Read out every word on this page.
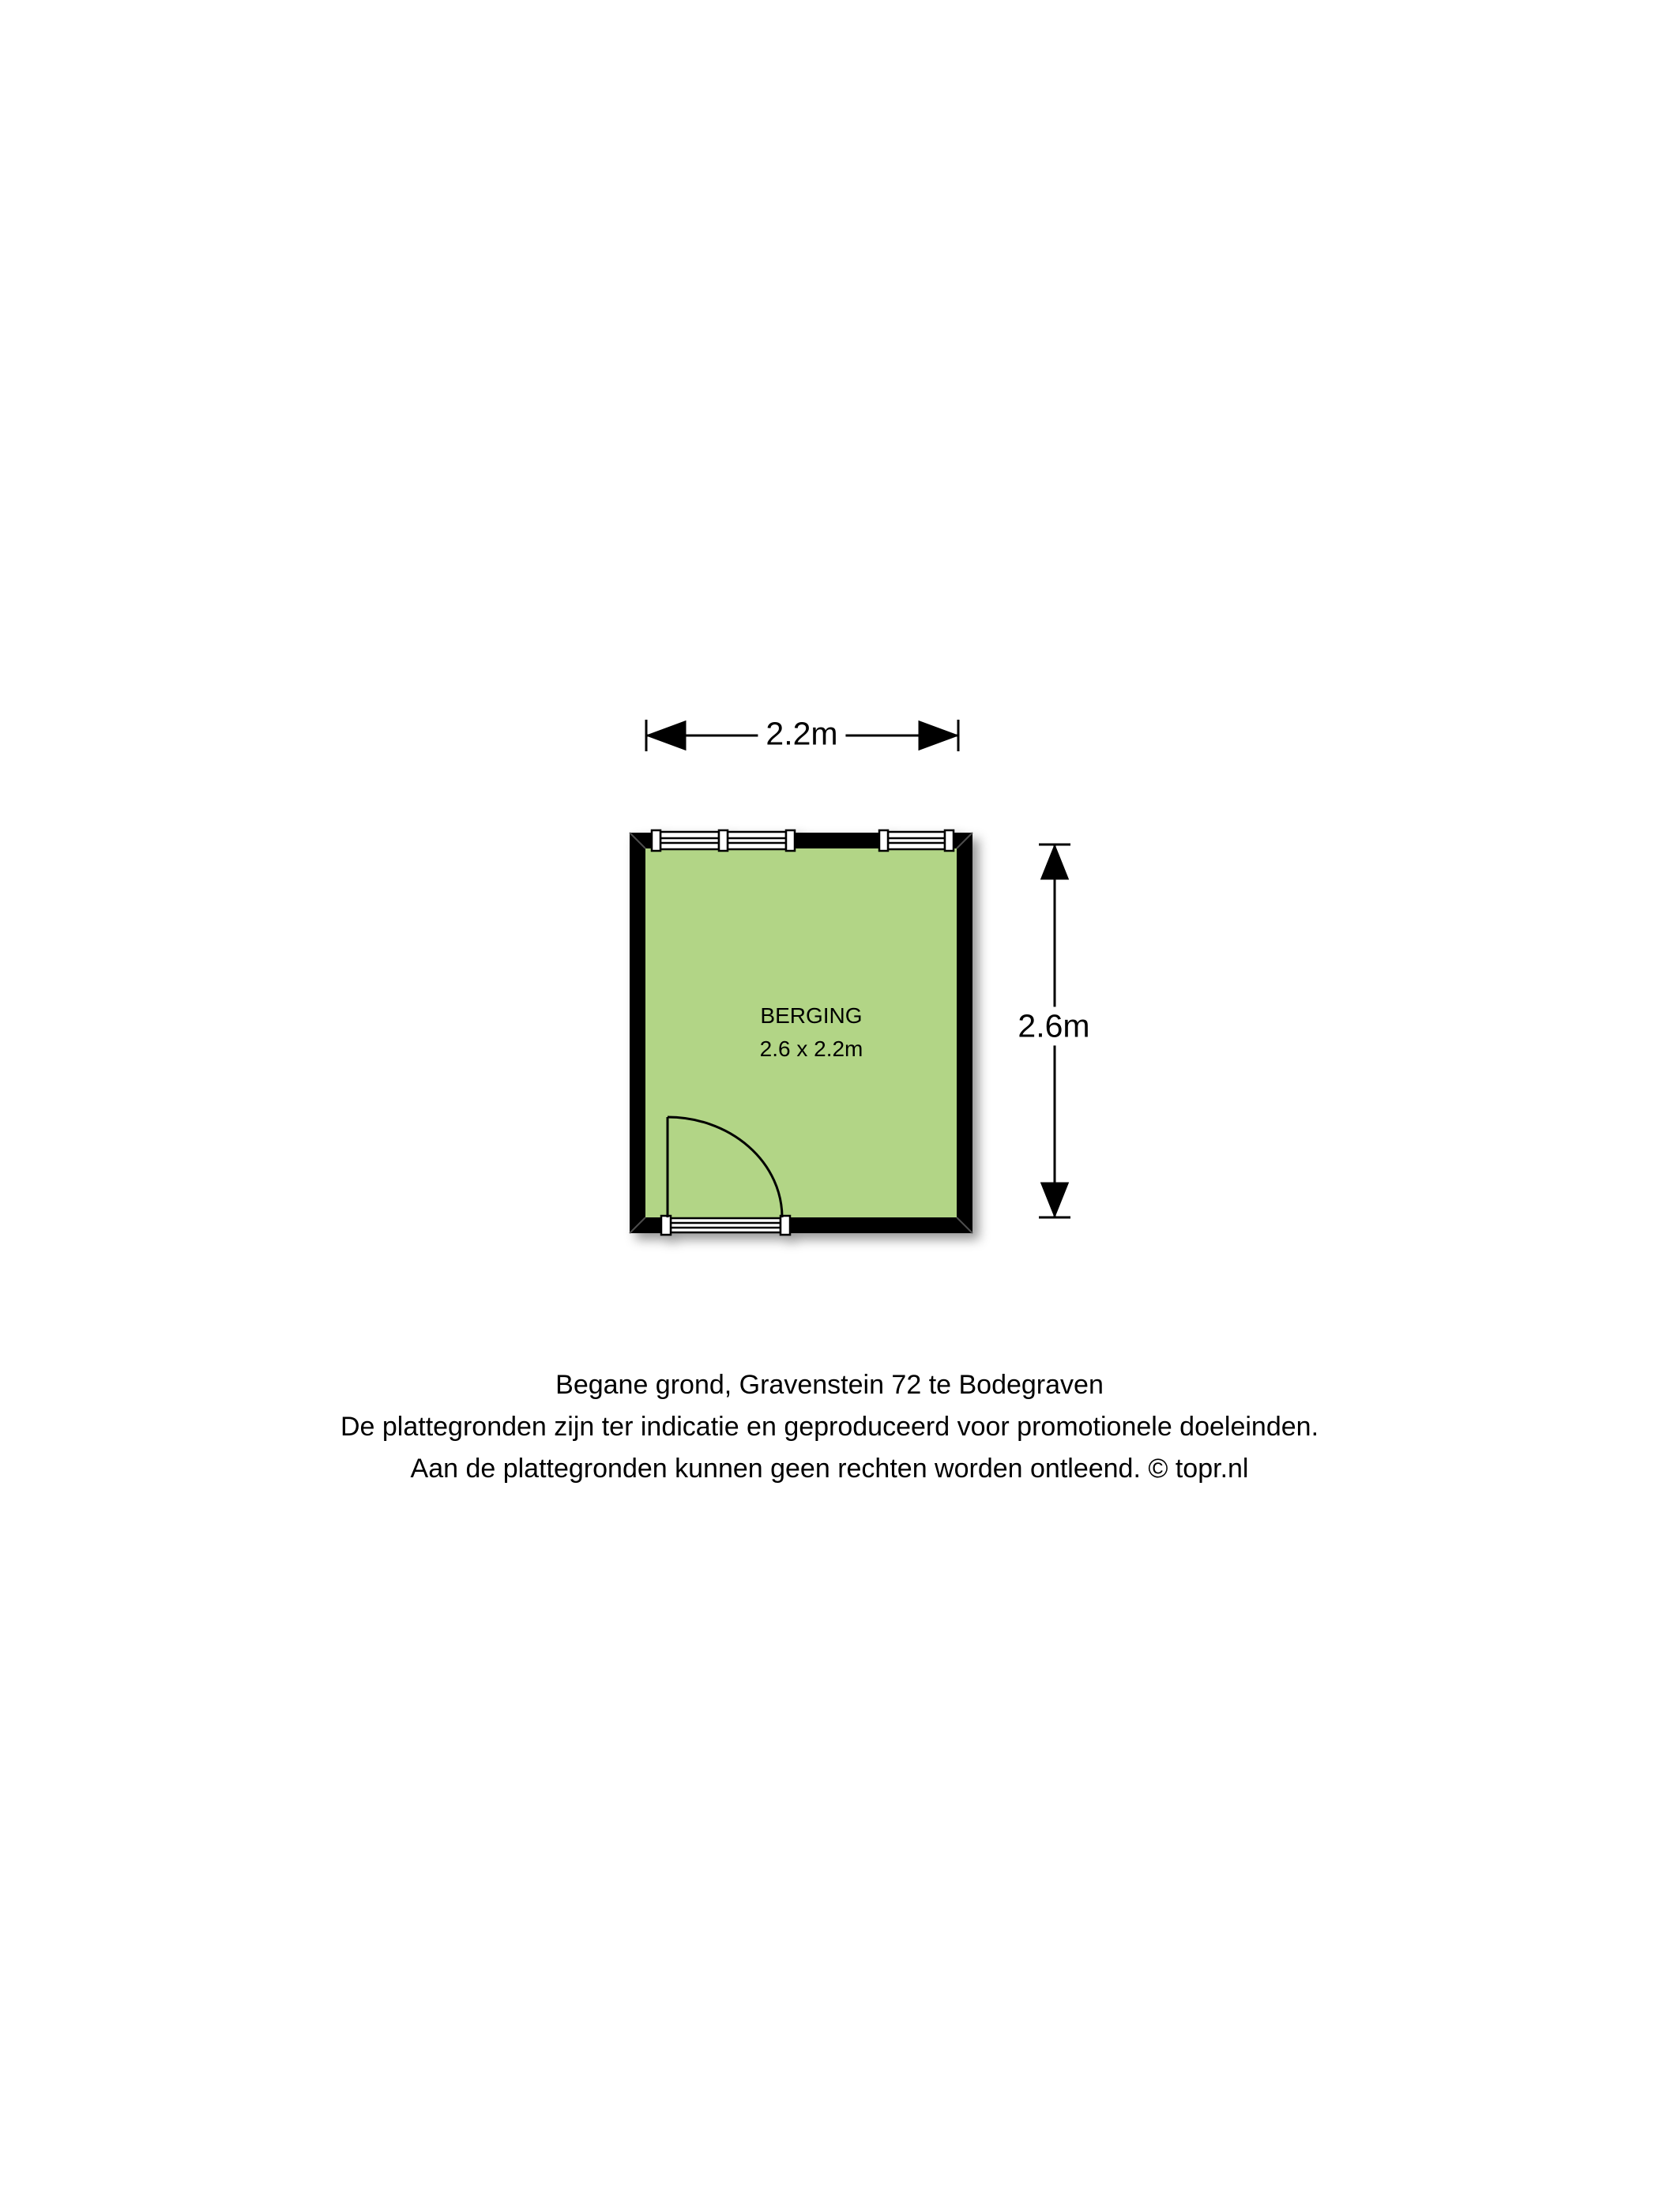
2.2m
2.6m
BERGING
2.6 x 2.2m
Begane grond, Gravenstein 72 te Bodegraven
De plattegronden zijn ter indicatie en geproduceerd voor promotionele doeleinden.
Aan de plattegronden kunnen geen rechten worden ontleend. © topr.nl
